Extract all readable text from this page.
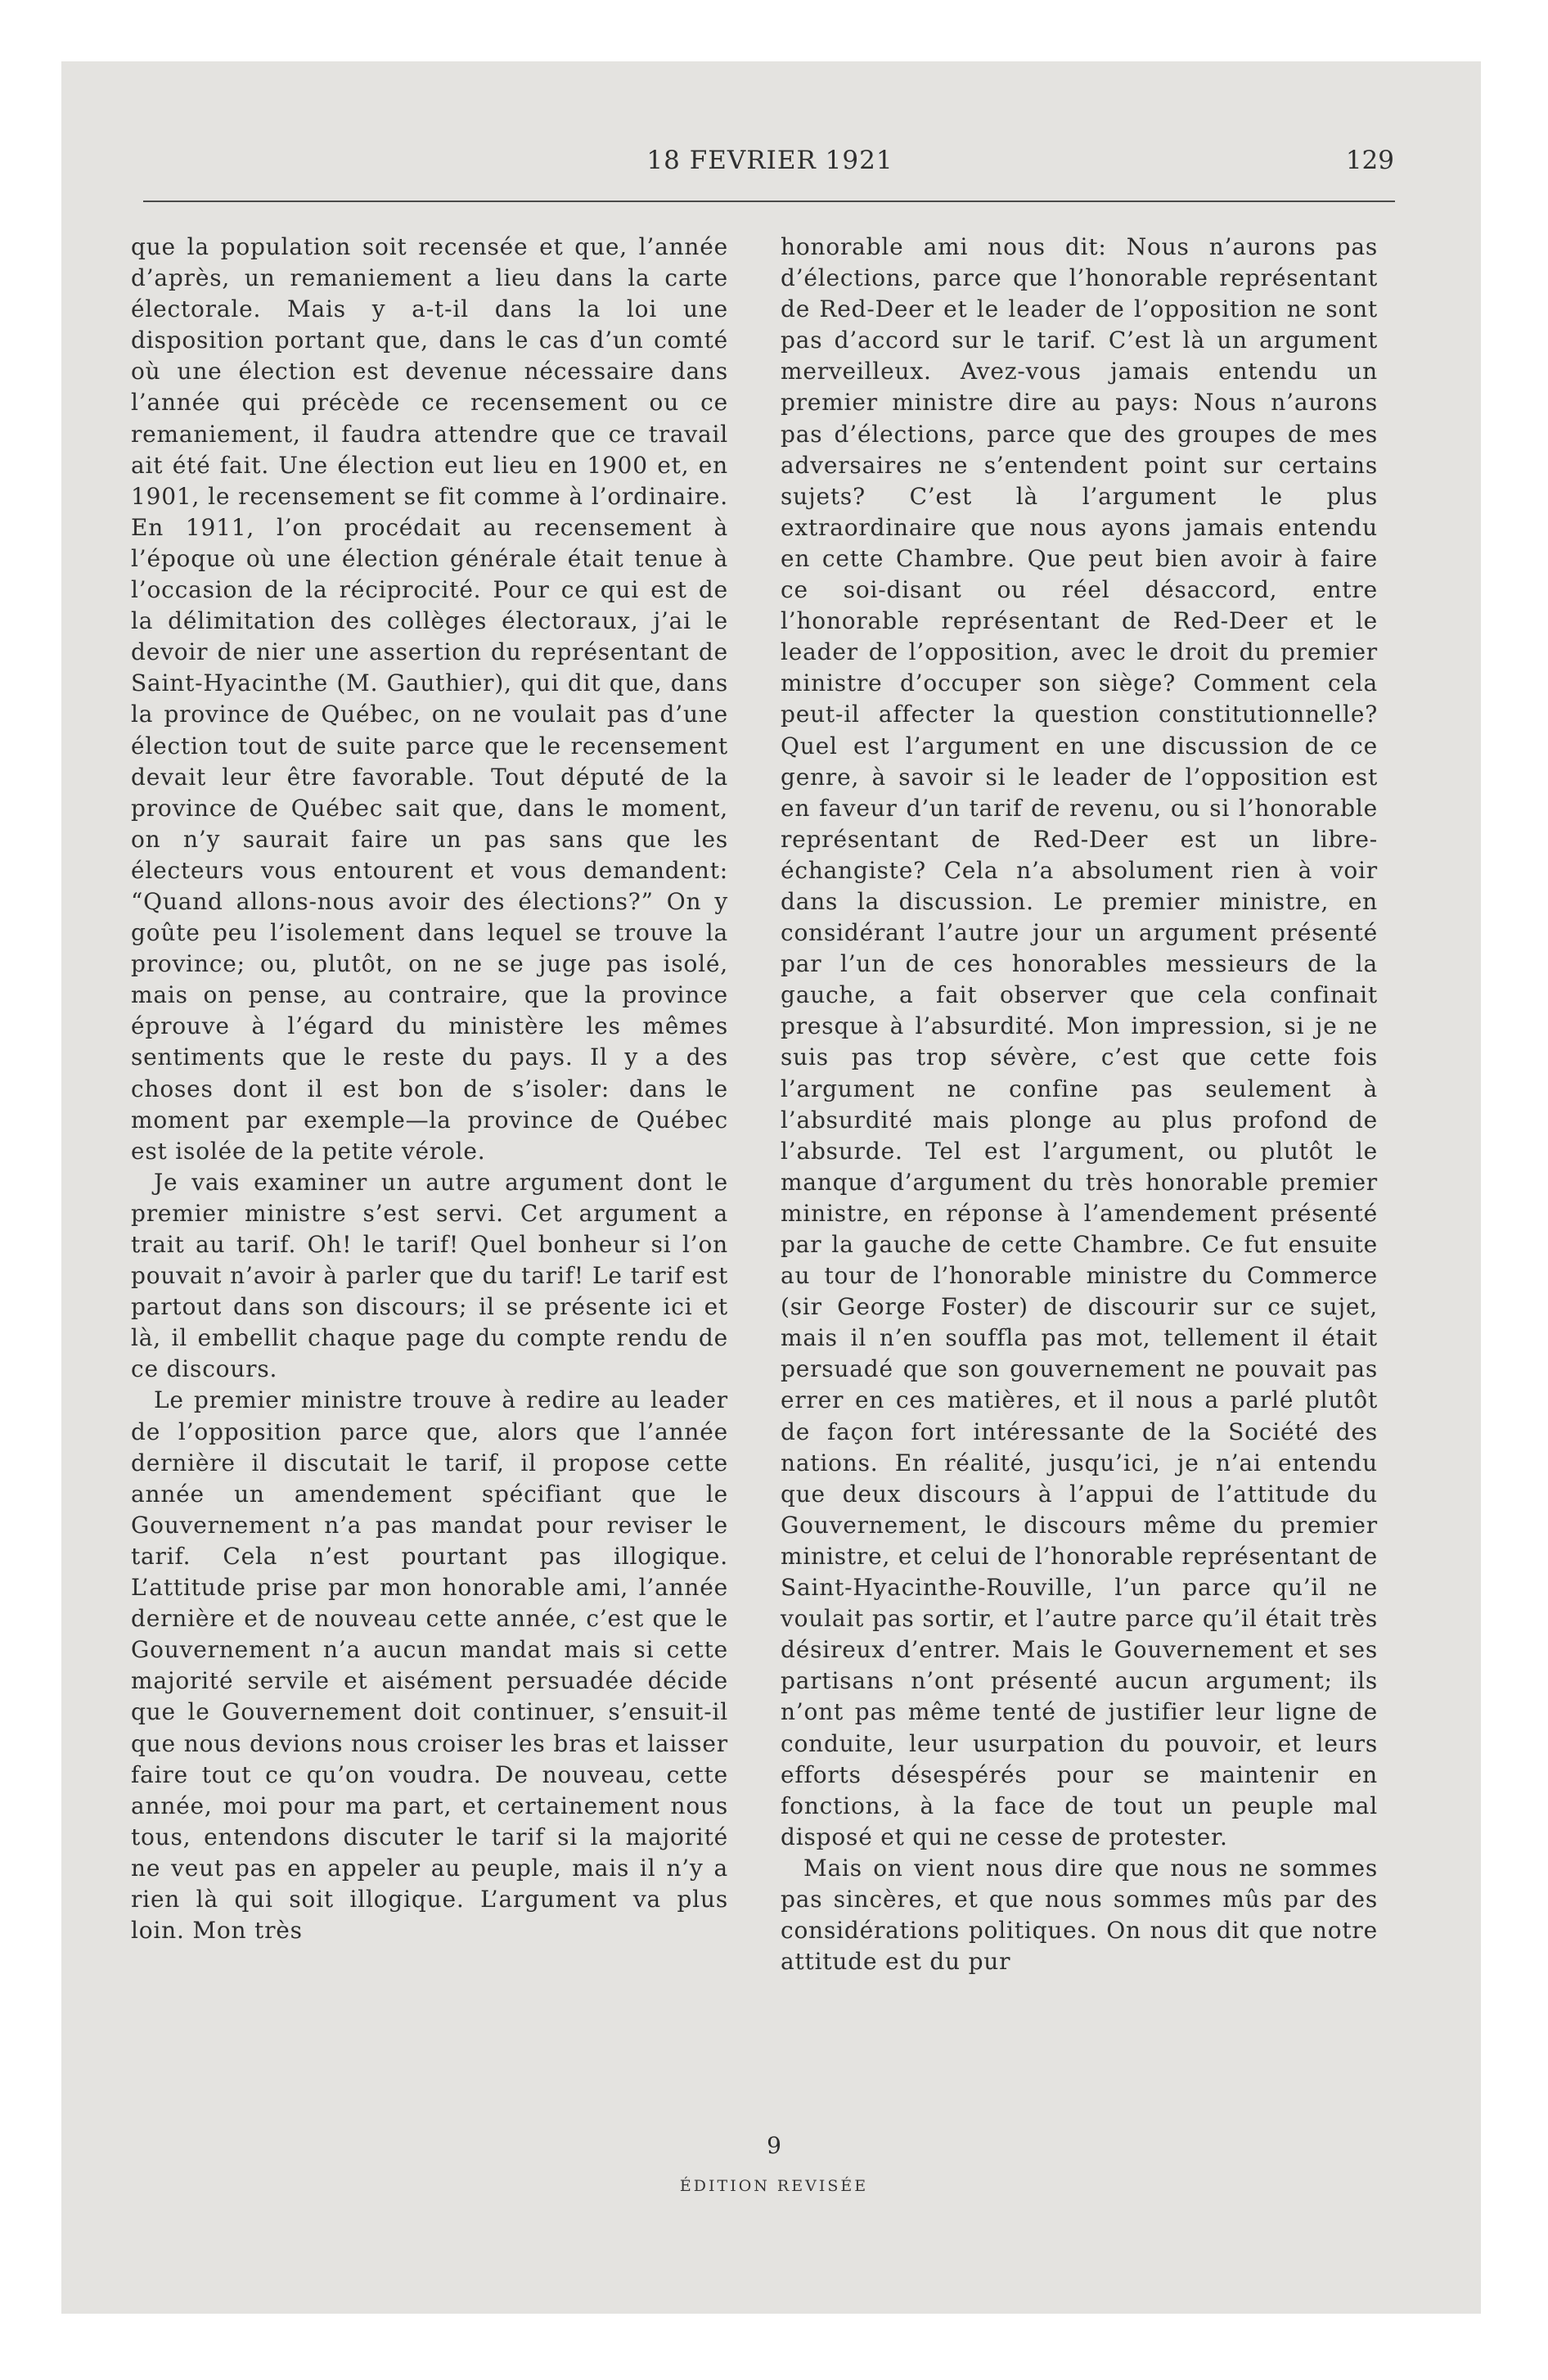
18 FEVRIER 1921	129

que la population soit recensée et que, l’année d’après, un remaniement a lieu dans la carte électorale. Mais y a-t-il dans la loi une disposition portant que, dans le cas d’un comté où une élection est devenue nécessaire dans l’année qui précède ce recensement ou ce remaniement, il faudra attendre que ce travail ait été fait. Une élection eut lieu en 1900 et, en 1901, le recensement se fit comme à l’ordinaire. En 1911, l’on procédait au recensement à l’époque où une élection générale était tenue à l’occasion de la réciprocité. Pour ce qui est de la délimitation des collèges électoraux, j’ai le devoir de nier une assertion du représentant de Saint-Hyacinthe (M. Gauthier), qui dit que, dans la province de Québec, on ne voulait pas d’une élection tout de suite parce que le recensement devait leur être favorable. Tout député de la province de Québec sait que, dans le moment, on n’y saurait faire un pas sans que les électeurs vous entourent et vous demandent: “Quand allons-nous avoir des élections?” On y goûte peu l’isolement dans lequel se trouve la province; ou, plutôt, on ne se juge pas isolé, mais on pense, au contraire, que la province éprouve à l’égard du ministère les mêmes sentiments que le reste du pays. Il y a des choses dont il est bon de s’isoler: dans le moment par exemple—la province de Québec est isolée de la petite vérole.

Je vais examiner un autre argument dont le premier ministre s’est servi. Cet argument a trait au tarif. Oh! le tarif! Quel bonheur si l’on pouvait n’avoir à parler que du tarif! Le tarif est partout dans son discours; il se présente ici et là, il embellit chaque page du compte rendu de ce discours.

Le premier ministre trouve à redire au leader de l’opposition parce que, alors que l’année dernière il discutait le tarif, il propose cette année un amendement spécifiant que le Gouvernement n’a pas mandat pour reviser le tarif. Cela n’est pourtant pas illogique. L’attitude prise par mon honorable ami, l’année dernière et de nouveau cette année, c’est que le Gouvernement n’a aucun mandat mais si cette majorité servile et aisément persuadée décide que le Gouvernement doit continuer, s’ensuit-il que nous devions nous croiser les bras et laisser faire tout ce qu’on voudra. De nouveau, cette année, moi pour ma part, et certainement nous tous, entendons discuter le tarif si la majorité ne veut pas en appeler au peuple, mais il n’y a rien là qui soit illogique. L’argument va plus loin. Mon très

honorable ami nous dit: Nous n’aurons pas d’élections, parce que l’honorable représentant de Red-Deer et le leader de l’opposition ne sont pas d’accord sur le tarif. C’est là un argument merveilleux. Avez-vous jamais entendu un premier ministre dire au pays: Nous n’aurons pas d’élections, parce que des groupes de mes adversaires ne s’entendent point sur certains sujets? C’est là l’argument le plus extraordinaire que nous ayons jamais entendu en cette Chambre. Que peut bien avoir à faire ce soi-disant ou réel désaccord, entre l’honorable représentant de Red-Deer et le leader de l’opposition, avec le droit du premier ministre d’occuper son siège? Comment cela peut-il affecter la question constitutionnelle? Quel est l’argument en une discussion de ce genre, à savoir si le leader de l’opposition est en faveur d’un tarif de revenu, ou si l’honorable représentant de Red-Deer est un libre-échangiste? Cela n’a absolument rien à voir dans la discussion. Le premier ministre, en considérant l’autre jour un argument présenté par l’un de ces honorables messieurs de la gauche, a fait observer que cela confinait presque à l’absurdité. Mon impression, si je ne suis pas trop sévère, c’est que cette fois l’argument ne confine pas seulement à l’absurdité mais plonge au plus profond de l’absurde. Tel est l’argument, ou plutôt le manque d’argument du très honorable premier ministre, en réponse à l’amendement présenté par la gauche de cette Chambre. Ce fut ensuite au tour de l’honorable ministre du Commerce (sir George Foster) de discourir sur ce sujet, mais il n’en souffla pas mot, tellement il était persuadé que son gouvernement ne pouvait pas errer en ces matières, et il nous a parlé plutôt de façon fort intéressante de la Société des nations. En réalité, jusqu’ici, je n’ai entendu que deux discours à l’appui de l’attitude du Gouvernement, le discours même du premier ministre, et celui de l’honorable représentant de Saint-Hyacinthe-Rouville, l’un parce qu’il ne voulait pas sortir, et l’autre parce qu’il était très désireux d’entrer. Mais le Gouvernement et ses partisans n’ont présenté aucun argument; ils n’ont pas même tenté de justifier leur ligne de conduite, leur usurpation du pouvoir, et leurs efforts désespérés pour se maintenir en fonctions, à la face de tout un peuple mal disposé et qui ne cesse de protester.

Mais on vient nous dire que nous ne sommes pas sincères, et que nous sommes mûs par des considérations politiques. On nous dit que notre attitude est du pur

9
ÉDITION REVISÉE
